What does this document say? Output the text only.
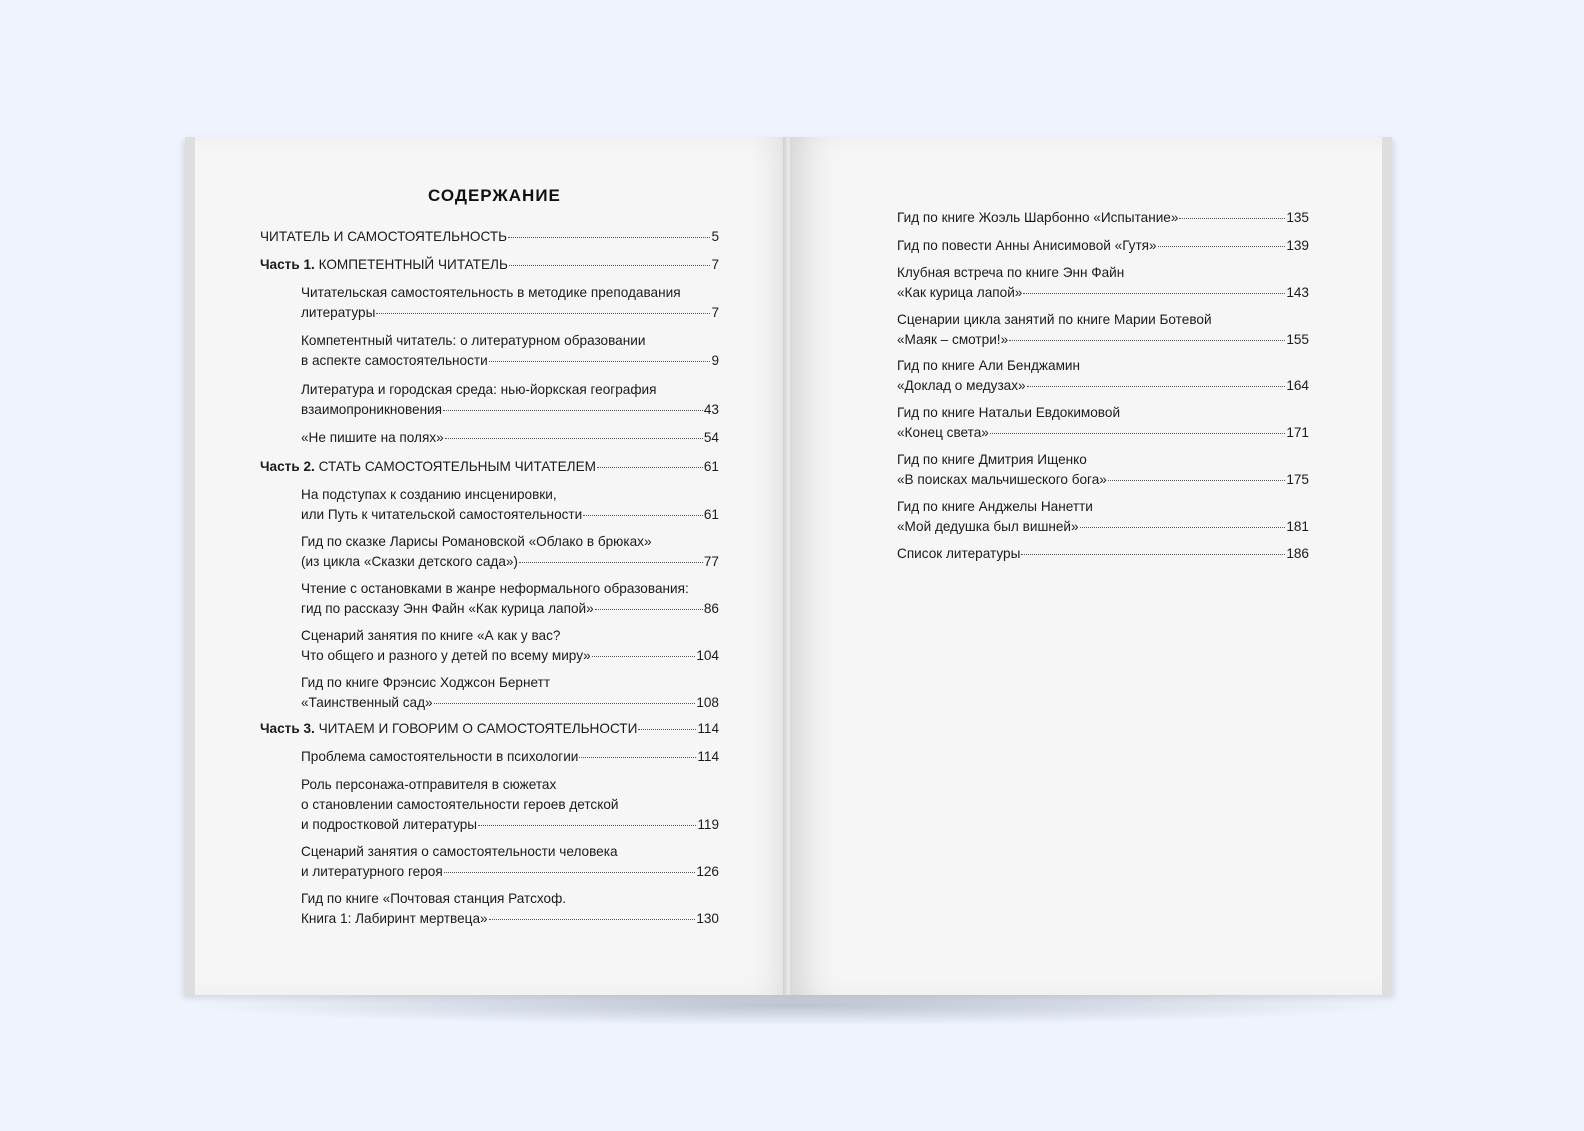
СОДЕРЖАНИЕ
ЧИТАТЕЛЬ И САМОСТОЯТЕЛЬНОСТЬ	5
Часть 1. КОМПЕТЕНТНЫЙ ЧИТАТЕЛЬ	7
Читательская самостоятельность в методике преподавания
литературы	7
Компетентный читатель: о литературном образовании
в аспекте самостоятельности	9
Литература и городская среда: нью-йоркская география
взаимопроникновения	43
«Не пишите на полях»	54
Часть 2. СТАТЬ САМОСТОЯТЕЛЬНЫМ ЧИТАТЕЛЕМ	61
На подступах к созданию инсценировки,
или Путь к читательской самостоятельности	61
Гид по сказке Ларисы Романовской «Облако в брюках»
(из цикла «Сказки детского сада»)	77
Чтение с остановками в жанре неформального образования:
гид по рассказу Энн Файн «Как курица лапой»	86
Сценарий занятия по книге «А как у вас?
Что общего и разного у детей по всему миру»	104
Гид по книге Фрэнсис Ходжсон Бернетт
«Таинственный сад»	108
Часть 3. ЧИТАЕМ И ГОВОРИМ О САМОСТОЯТЕЛЬНОСТИ	114
Проблема самостоятельности в психологии	114
Роль персонажа-отправителя в сюжетах
о становлении самостоятельности героев детской
и подростковой литературы	119
Сценарий занятия о самостоятельности человека
и литературного героя	126
Гид по книге «Почтовая станция Ратсхоф.
Книга 1: Лабиринт мертвеца»	130
Гид по книге Жоэль Шарбонно «Испытание»	135
Гид по повести Анны Анисимовой «Гутя»	139
Клубная встреча по книге Энн Файн
«Как курица лапой»	143
Сценарии цикла занятий по книге Марии Ботевой
«Маяк – смотри!»	155
Гид по книге Али Бенджамин
«Доклад о медузах»	164
Гид по книге Натальи Евдокимовой
«Конец света»	171
Гид по книге Дмитрия Ищенко
«В поисках мальчишеского бога»	175
Гид по книге Анджелы Нанетти
«Мой дедушка был вишней»	181
Список литературы	186
